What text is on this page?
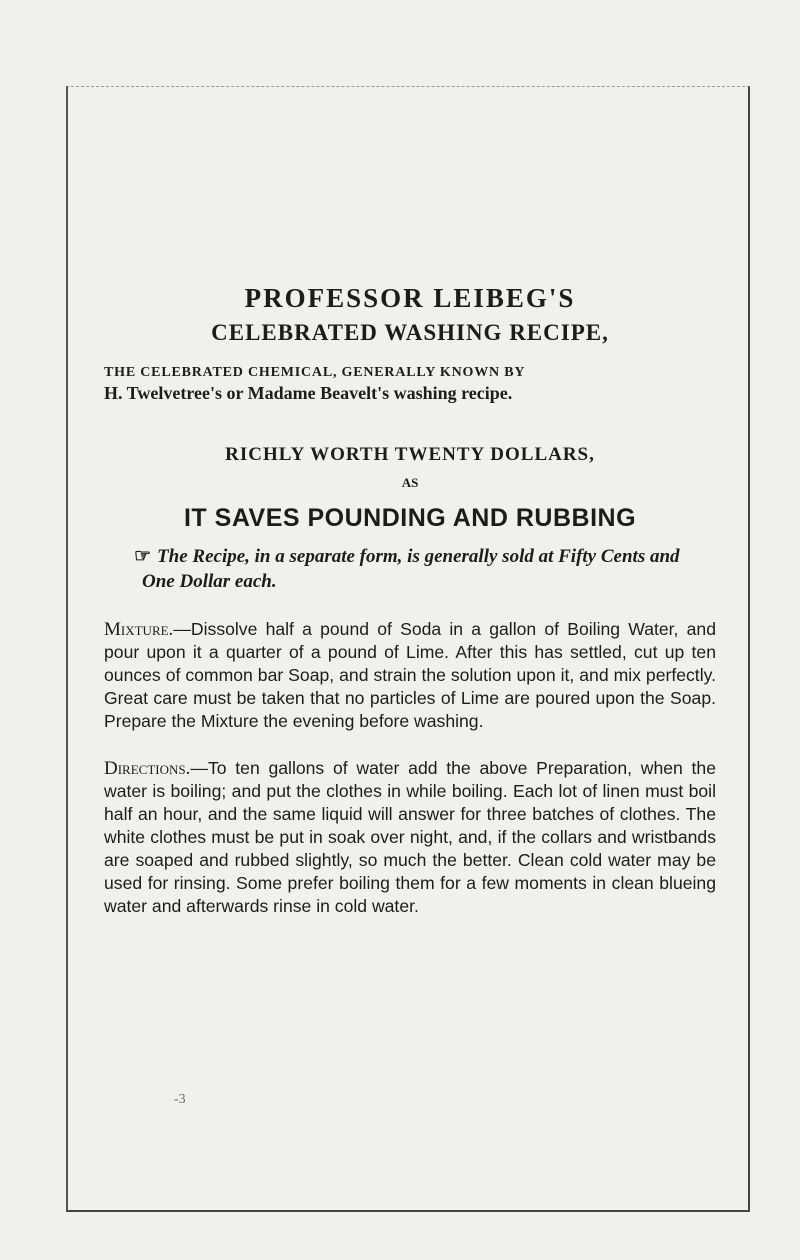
PROFESSOR LEIBEG'S
CELEBRATED WASHING RECIPE,
THE CELEBRATED CHEMICAL, GENERALLY KNOWN BY
H. Twelvetree's or Madame Beavelt's washing recipe.
RICHLY WORTH TWENTY DOLLARS,
AS
IT SAVES POUNDING AND RUBBING

☞ The Recipe, in a separate form, is generally sold at Fifty Cents and One Dollar each.

Mixture.—Dissolve half a pound of Soda in a gallon of Boiling Water, and pour upon it a quarter of a pound of Lime. After this has settled, cut up ten ounces of common bar Soap, and strain the solution upon it, and mix perfectly. Great care must be taken that no particles of Lime are poured upon the Soap. Prepare the Mixture the evening before washing.

Directions.—To ten gallons of water add the above Preparation, when the water is boiling; and put the clothes in while boiling. Each lot of linen must boil half an hour, and the same liquid will answer for three batches of clothes. The white clothes must be put in soak over night, and, if the collars and wristbands are soaped and rubbed slightly, so much the better. Clean cold water may be used for rinsing. Some prefer boiling them for a few moments in clean blueing water and afterwards rinse in cold water.

-3
